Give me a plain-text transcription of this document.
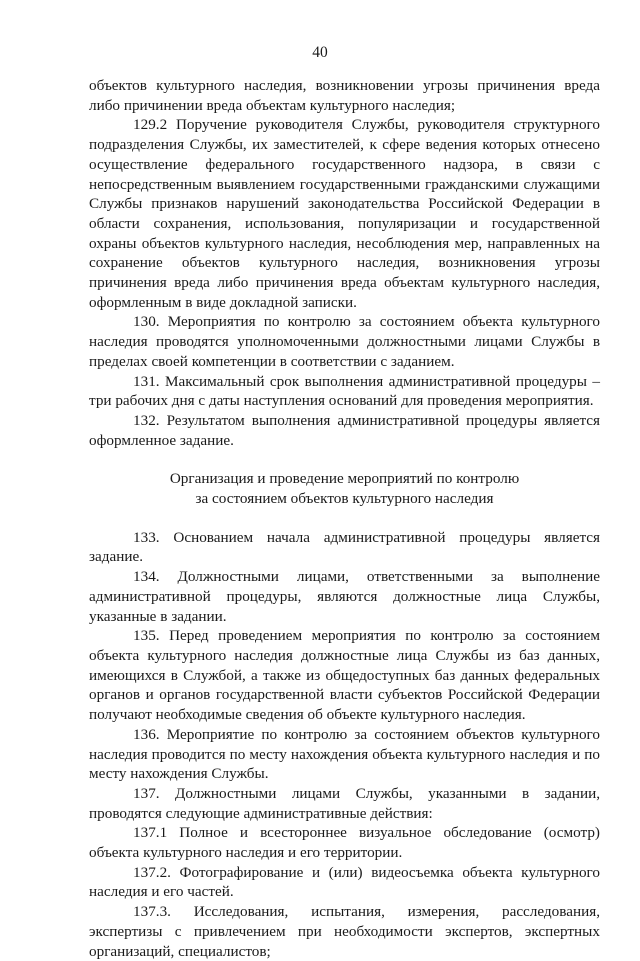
40

объектов культурного наследия, возникновении угрозы причинения вреда либо причинении вреда объектам культурного наследия;

129.2 Поручение руководителя Службы, руководителя структурного подразделения Службы, их заместителей, к сфере ведения которых отнесено осуществление федерального государственного надзора, в связи с непосредственным выявлением государственными гражданскими служащими Службы признаков нарушений законодательства Российской Федерации в области сохранения, использования, популяризации и государственной охраны объектов культурного наследия, несоблюдения мер, направленных на сохранение объектов культурного наследия, возникновения угрозы причинения вреда либо причинения вреда объектам культурного наследия, оформленным в виде докладной записки.

130. Мероприятия по контролю за состоянием объекта культурного наследия проводятся уполномоченными должностными лицами Службы в пределах своей компетенции в соответствии с заданием.

131. Максимальный срок выполнения административной процедуры – три рабочих дня с даты наступления оснований для проведения мероприятия.

132. Результатом выполнения административной процедуры является оформленное задание.

Организация и проведение мероприятий по контролю
за состоянием объектов культурного наследия

133. Основанием начала административной процедуры является задание.

134. Должностными лицами, ответственными за выполнение административной процедуры, являются должностные лица Службы, указанные в задании.

135. Перед проведением мероприятия по контролю за состоянием объекта культурного наследия должностные лица Службы из баз данных, имеющихся в Службой, а также из общедоступных баз данных федеральных органов и органов государственной власти субъектов Российской Федерации получают необходимые сведения об объекте культурного наследия.

136. Мероприятие по контролю за состоянием объектов культурного наследия проводится по месту нахождения объекта культурного наследия и по месту нахождения Службы.

137. Должностными лицами Службы, указанными в задании, проводятся следующие административные действия:

137.1 Полное и всестороннее визуальное обследование (осмотр) объекта культурного наследия и его территории.

137.2. Фотографирование и (или) видеосъемка объекта культурного наследия и его частей.

137.3. Исследования, испытания, измерения, расследования, экспертизы с привлечением при необходимости экспертов, экспертных организаций, специалистов;
